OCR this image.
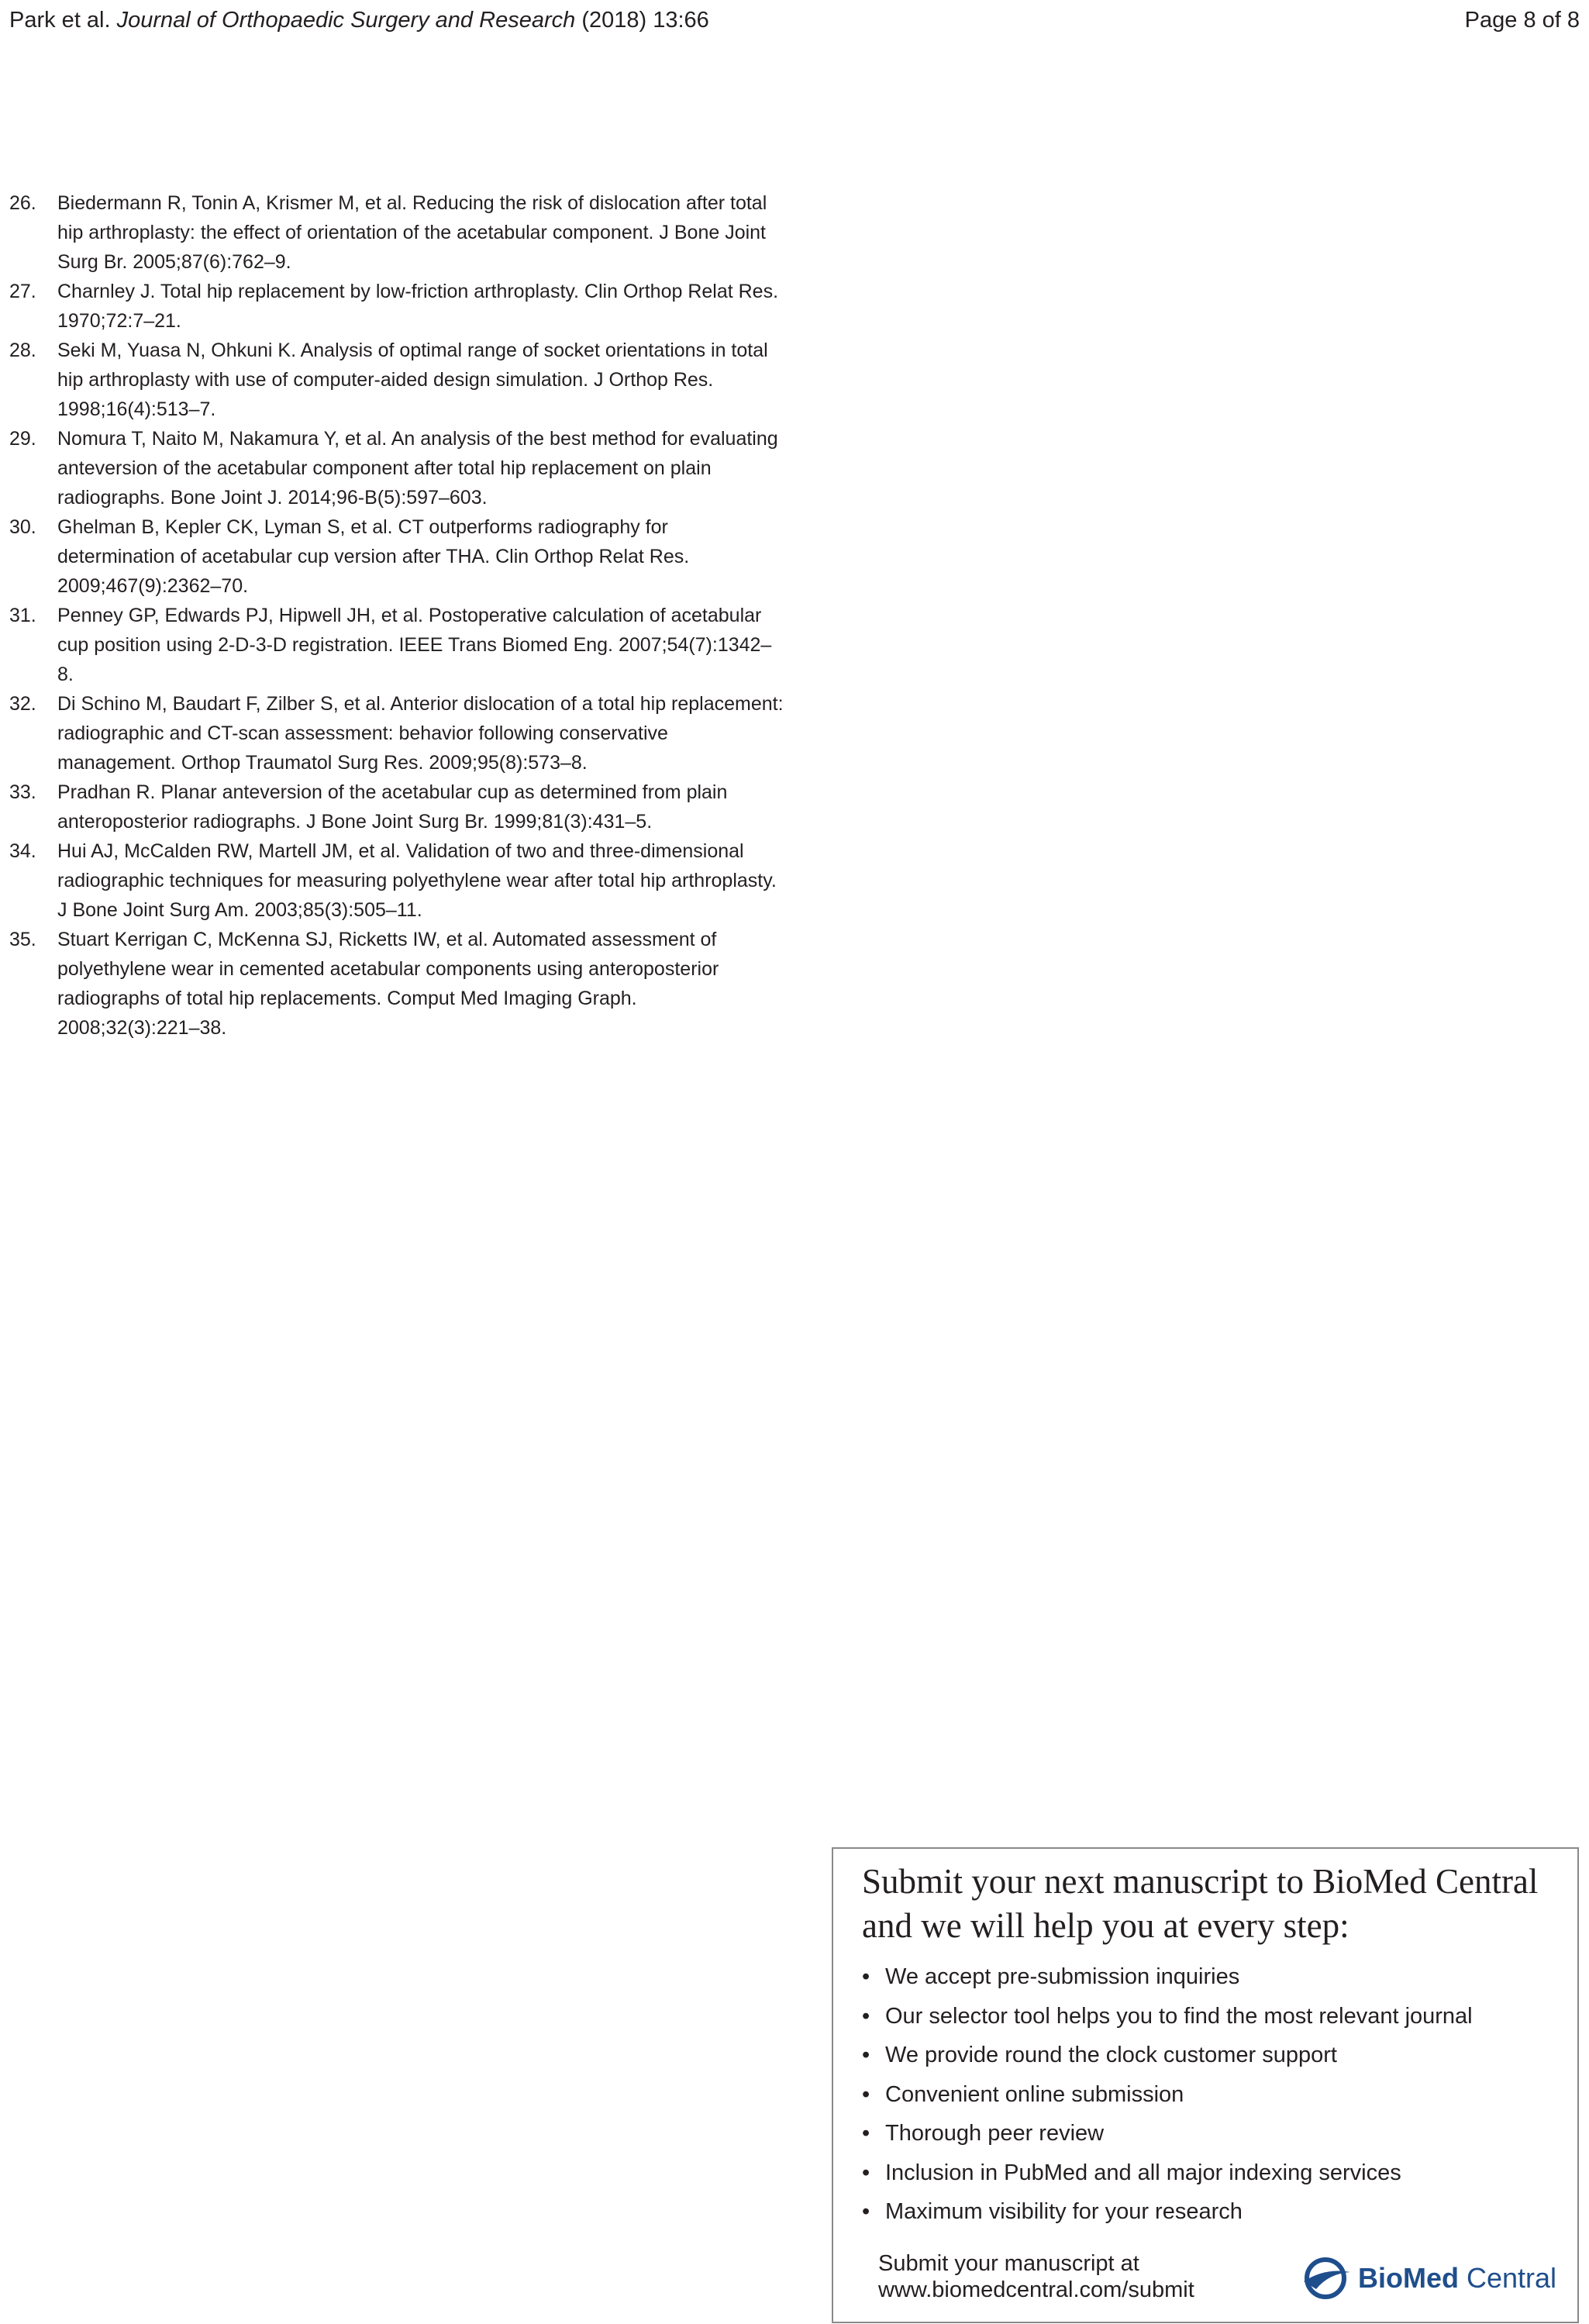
Park et al. Journal of Orthopaedic Surgery and Research (2018) 13:66	Page 8 of 8
26. Biedermann R, Tonin A, Krismer M, et al. Reducing the risk of dislocation after total hip arthroplasty: the effect of orientation of the acetabular component. J Bone Joint Surg Br. 2005;87(6):762–9.
27. Charnley J. Total hip replacement by low-friction arthroplasty. Clin Orthop Relat Res. 1970;72:7–21.
28. Seki M, Yuasa N, Ohkuni K. Analysis of optimal range of socket orientations in total hip arthroplasty with use of computer-aided design simulation. J Orthop Res. 1998;16(4):513–7.
29. Nomura T, Naito M, Nakamura Y, et al. An analysis of the best method for evaluating anteversion of the acetabular component after total hip replacement on plain radiographs. Bone Joint J. 2014;96-B(5):597–603.
30. Ghelman B, Kepler CK, Lyman S, et al. CT outperforms radiography for determination of acetabular cup version after THA. Clin Orthop Relat Res. 2009;467(9):2362–70.
31. Penney GP, Edwards PJ, Hipwell JH, et al. Postoperative calculation of acetabular cup position using 2-D-3-D registration. IEEE Trans Biomed Eng. 2007;54(7):1342–8.
32. Di Schino M, Baudart F, Zilber S, et al. Anterior dislocation of a total hip replacement: radiographic and CT-scan assessment: behavior following conservative management. Orthop Traumatol Surg Res. 2009;95(8):573–8.
33. Pradhan R. Planar anteversion of the acetabular cup as determined from plain anteroposterior radiographs. J Bone Joint Surg Br. 1999;81(3):431–5.
34. Hui AJ, McCalden RW, Martell JM, et al. Validation of two and three-dimensional radiographic techniques for measuring polyethylene wear after total hip arthroplasty. J Bone Joint Surg Am. 2003;85(3):505–11.
35. Stuart Kerrigan C, McKenna SJ, Ricketts IW, et al. Automated assessment of polyethylene wear in cemented acetabular components using anteroposterior radiographs of total hip replacements. Comput Med Imaging Graph. 2008;32(3):221–38.
Submit your next manuscript to BioMed Central and we will help you at every step:
• We accept pre-submission inquiries
• Our selector tool helps you to find the most relevant journal
• We provide round the clock customer support
• Convenient online submission
• Thorough peer review
• Inclusion in PubMed and all major indexing services
• Maximum visibility for your research
Submit your manuscript at
www.biomedcentral.com/submit	BioMed Central
